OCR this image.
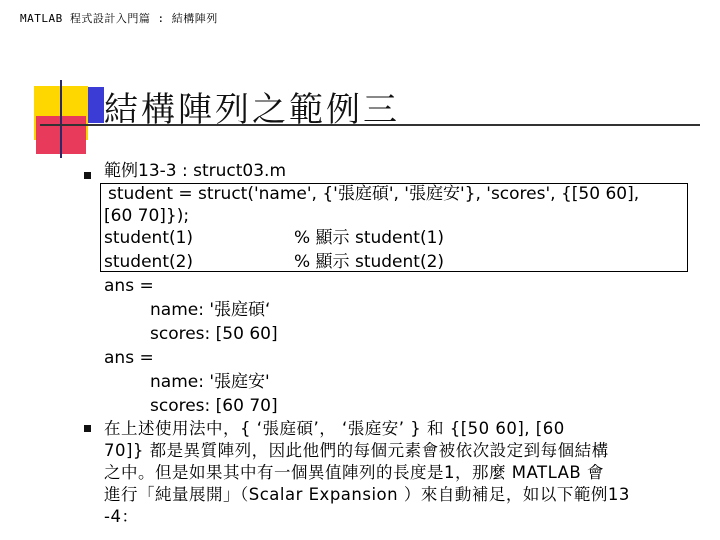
MATLAB 程式設計入門篇 : 結構陣列
結構陣列之範例三
範例13-3 : struct03.m
student = struct('name', {'張庭碩', '張庭安'}, 'scores', {[50 60],
[60 70]});
student(1)	% 顯示 student(1)
student(2)	% 顯示 student(2)
ans =
name: '張庭碩‘
scores: [50 60]
ans =
name: '張庭安'
scores: [60 70]
在上述使用法中，{ ‘張庭碩’， ‘張庭安’ } 和 {[50 60], [60
70]} 都是異質陣列，因此他們的每個元素會被依次設定到每個結構
之中。但是如果其中有一個異值陣列的長度是1，那麼 MATLAB 會
進行「純量展開」（Scalar Expansion ）來自動補足，如以下範例13
-4：
